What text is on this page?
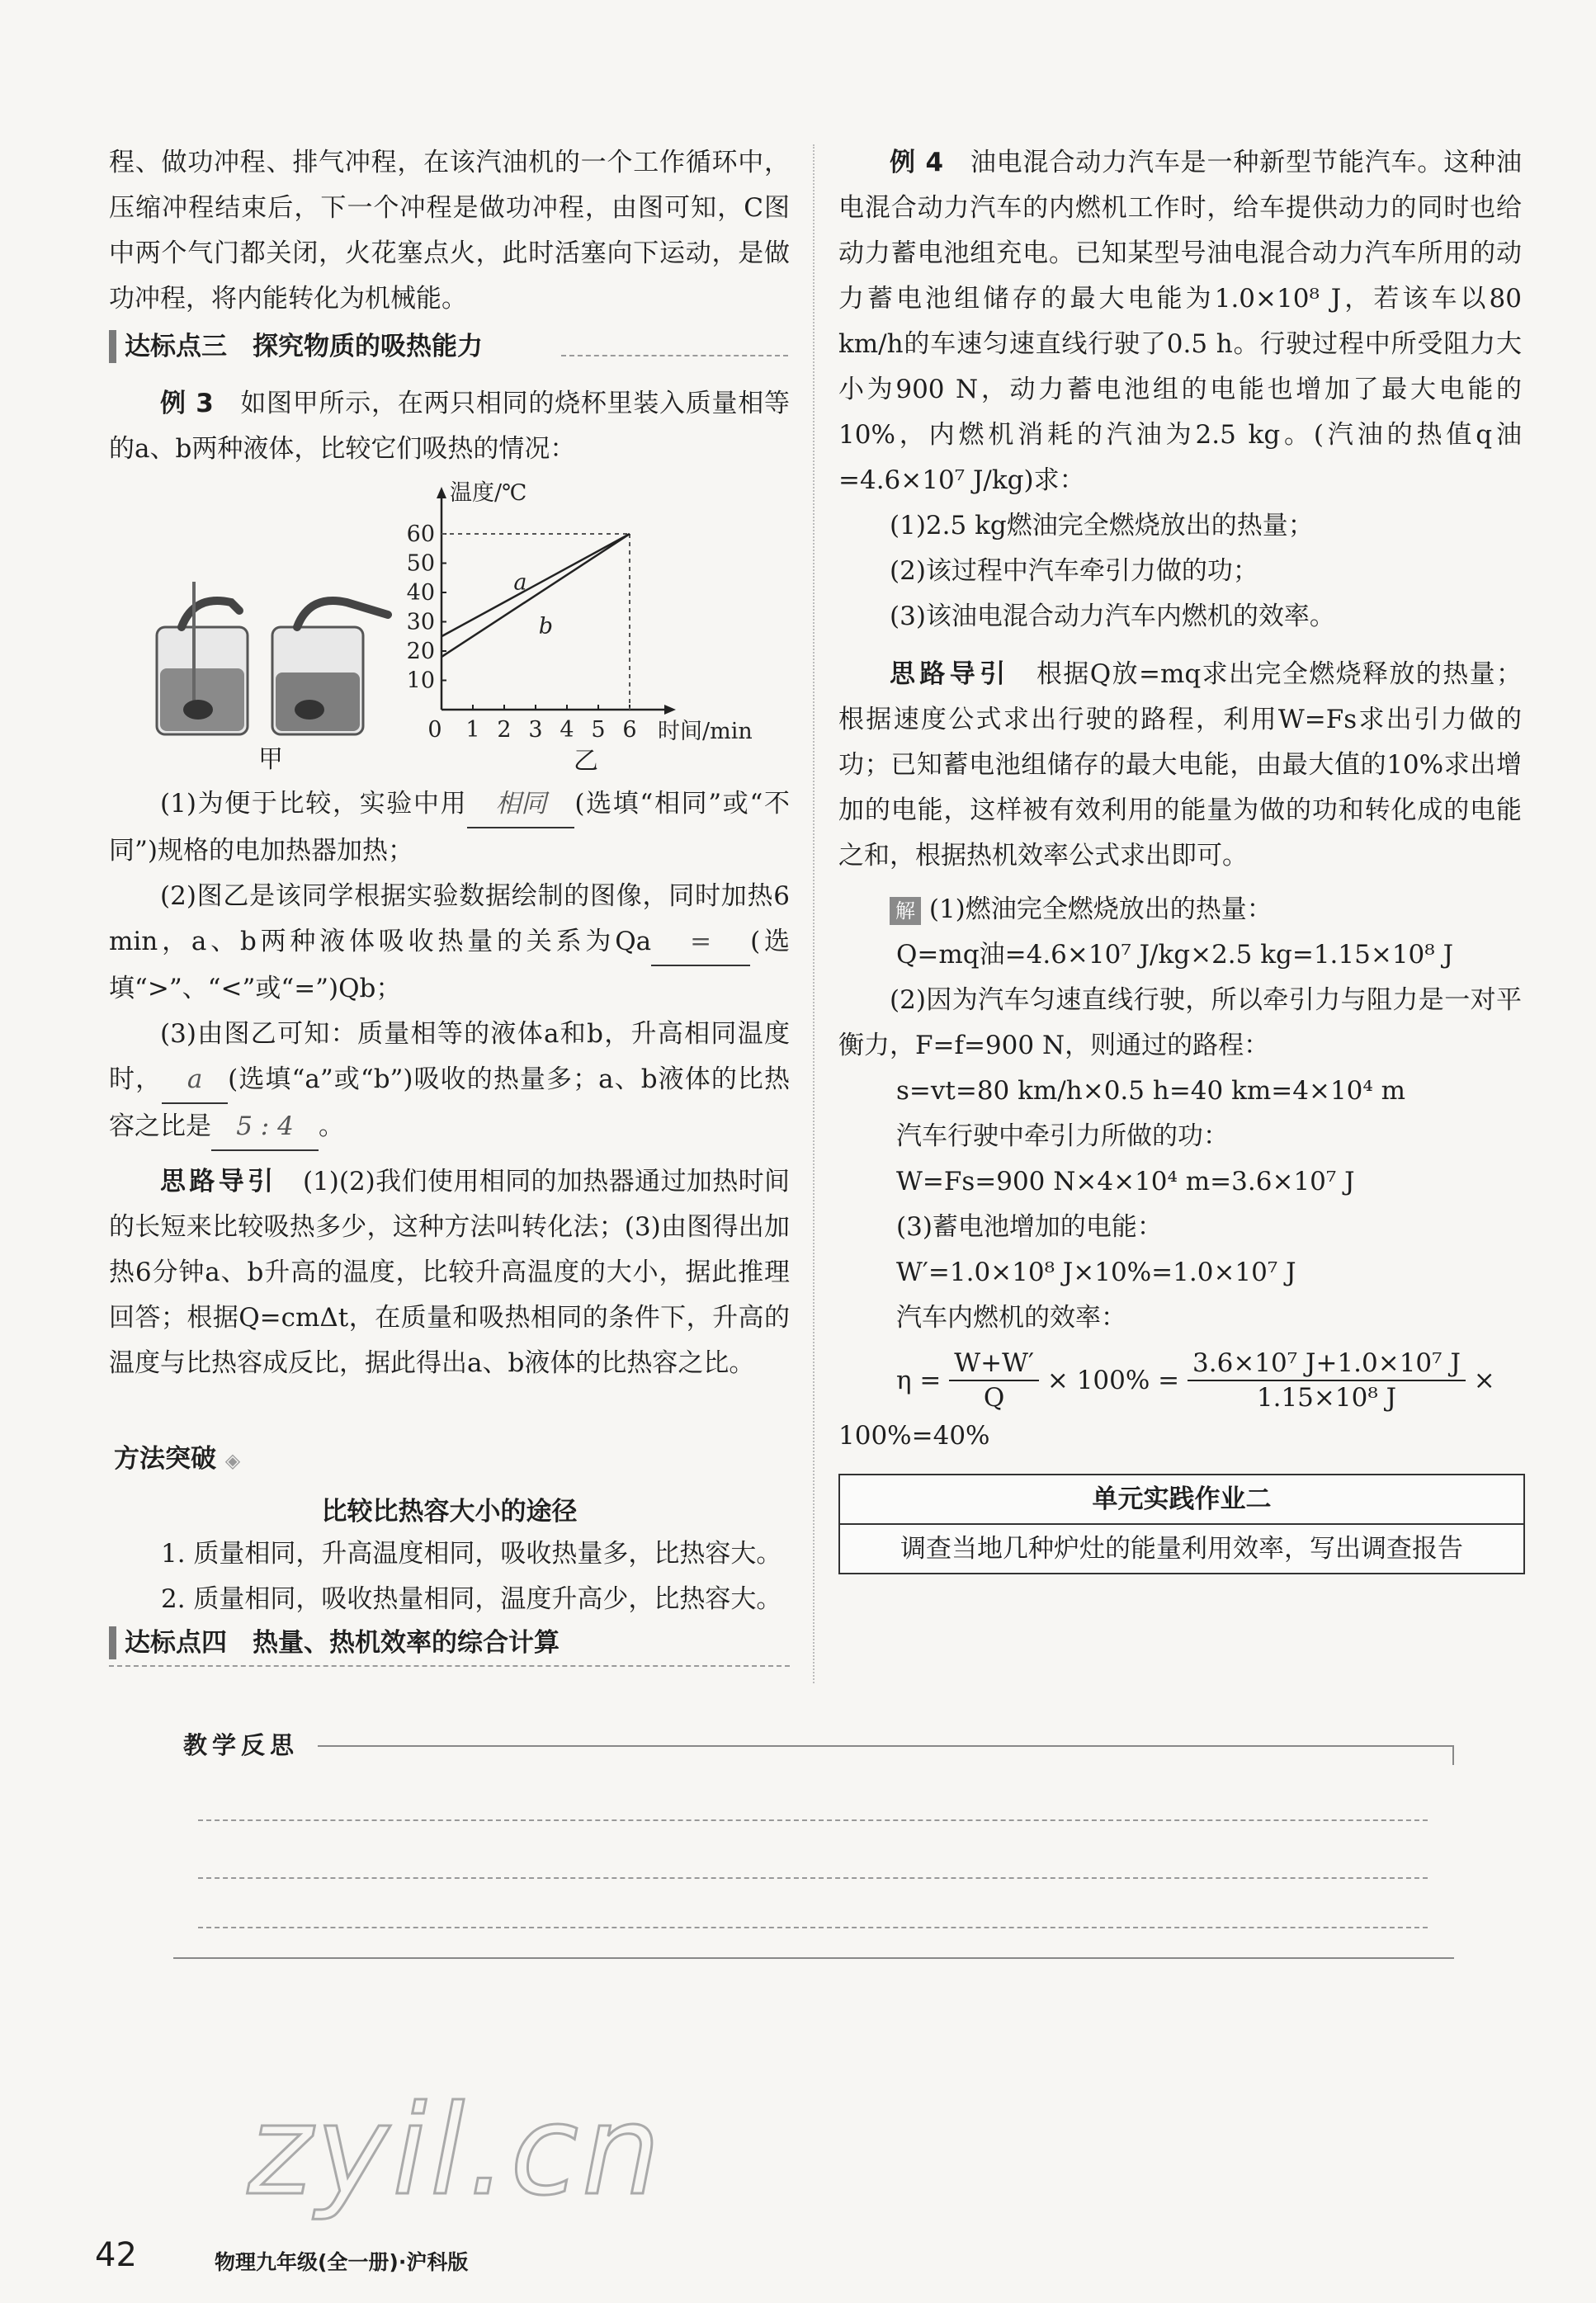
程、做功冲程、排气冲程，在该汽油机的一个工作循环中，压缩冲程结束后，下一个冲程是做功冲程，由图可知，C图中两个气门都关闭，火花塞点火，此时活塞向下运动，是做功冲程，将内能转化为机械能。

达标点三　探究物质的吸热能力

例 3　 如图甲所示，在两只相同的烧杯里装入质量相等的a、b两种液体，比较它们吸热的情况：

甲
0 1 2 3 4 5 6
10
20
30
40
50
60
a
b
温度/℃
时间/min
乙

(1)为便于比较，实验中用 相同 (选填“相同”或“不同”)规格的电加热器加热；

(2)图乙是该同学根据实验数据绘制的图像，同时加热6 min，a、b两种液体吸收热量的关系为Qa = (选填“>”、“<”或“=”)Qb；

(3)由图乙可知：质量相等的液体a和b，升高相同温度时， a (选填“a”或“b”)吸收的热量多；a、b液体的比热容之比是 5 : 4 。

思路导引　 (1)(2)我们使用相同的加热器通过加热时间的长短来比较吸热多少，这种方法叫转化法；(3)由图得出加热6分钟a、b升高的温度，比较升高温度的大小，据此推理回答；根据Q=cmΔt，在质量和吸热相同的条件下，升高的温度与比热容成反比，据此得出a、b液体的比热容之比。

方法突破 ◈
比较比热容大小的途径

1. 质量相同，升高温度相同，吸收热量多，比热容大。

2. 质量相同，吸收热量相同，温度升高少，比热容大。

达标点四　热量、热机效率的综合计算

例 4　 油电混合动力汽车是一种新型节能汽车。这种油电混合动力汽车的内燃机工作时，给车提供动力的同时也给动力蓄电池组充电。已知某型号油电混合动力汽车所用的动力蓄电池组储存的最大电能为1.0×10⁸ J，若该车以80 km/h的车速匀速直线行驶了0.5 h。行驶过程中所受阻力大小为900 N，动力蓄电池组的电能也增加了最大电能的10%，内燃机消耗的汽油为2.5 kg。(汽油的热值q油=4.6×10⁷ J/kg)求：

(1)2.5 kg燃油完全燃烧放出的热量；

(2)该过程中汽车牵引力做的功；

(3)该油电混合动力汽车内燃机的效率。

思路导引　 根据Q放=mq求出完全燃烧释放的热量；根据速度公式求出行驶的路程，利用W=Fs求出引力做的功；已知蓄电池组储存的最大电能，由最大值的10%求出增加的电能，这样被有效利用的能量为做的功和转化成的电能之和，根据热机效率公式求出即可。

解 (1)燃油完全燃烧放出的热量：

Q=mq油=4.6×10⁷ J/kg×2.5 kg=1.15×10⁸ J

(2)因为汽车匀速直线行驶，所以牵引力与阻力是一对平衡力，F=f=900 N，则通过的路程：

s=vt=80 km/h×0.5 h=40 km=4×10⁴ m

汽车行驶中牵引力所做的功：

W=Fs=900 N×4×10⁴ m=3.6×10⁷ J

(3)蓄电池增加的电能：

W′=1.0×10⁸ J×10%=1.0×10⁷ J

汽车内燃机的效率：

$\eta = \frac{W+W'}{Q} \times 100\% = \frac{\text{3.6×10⁷ J+1.0×10⁷ J}}{\text{1.15×10⁸ J}}$ ×
100%=40%
单元实践作业二
调查当地几种炉灶的能量利用效率，写出调查报告
教学反思
zyil.cn
42	物理九年级(全一册)·沪科版
